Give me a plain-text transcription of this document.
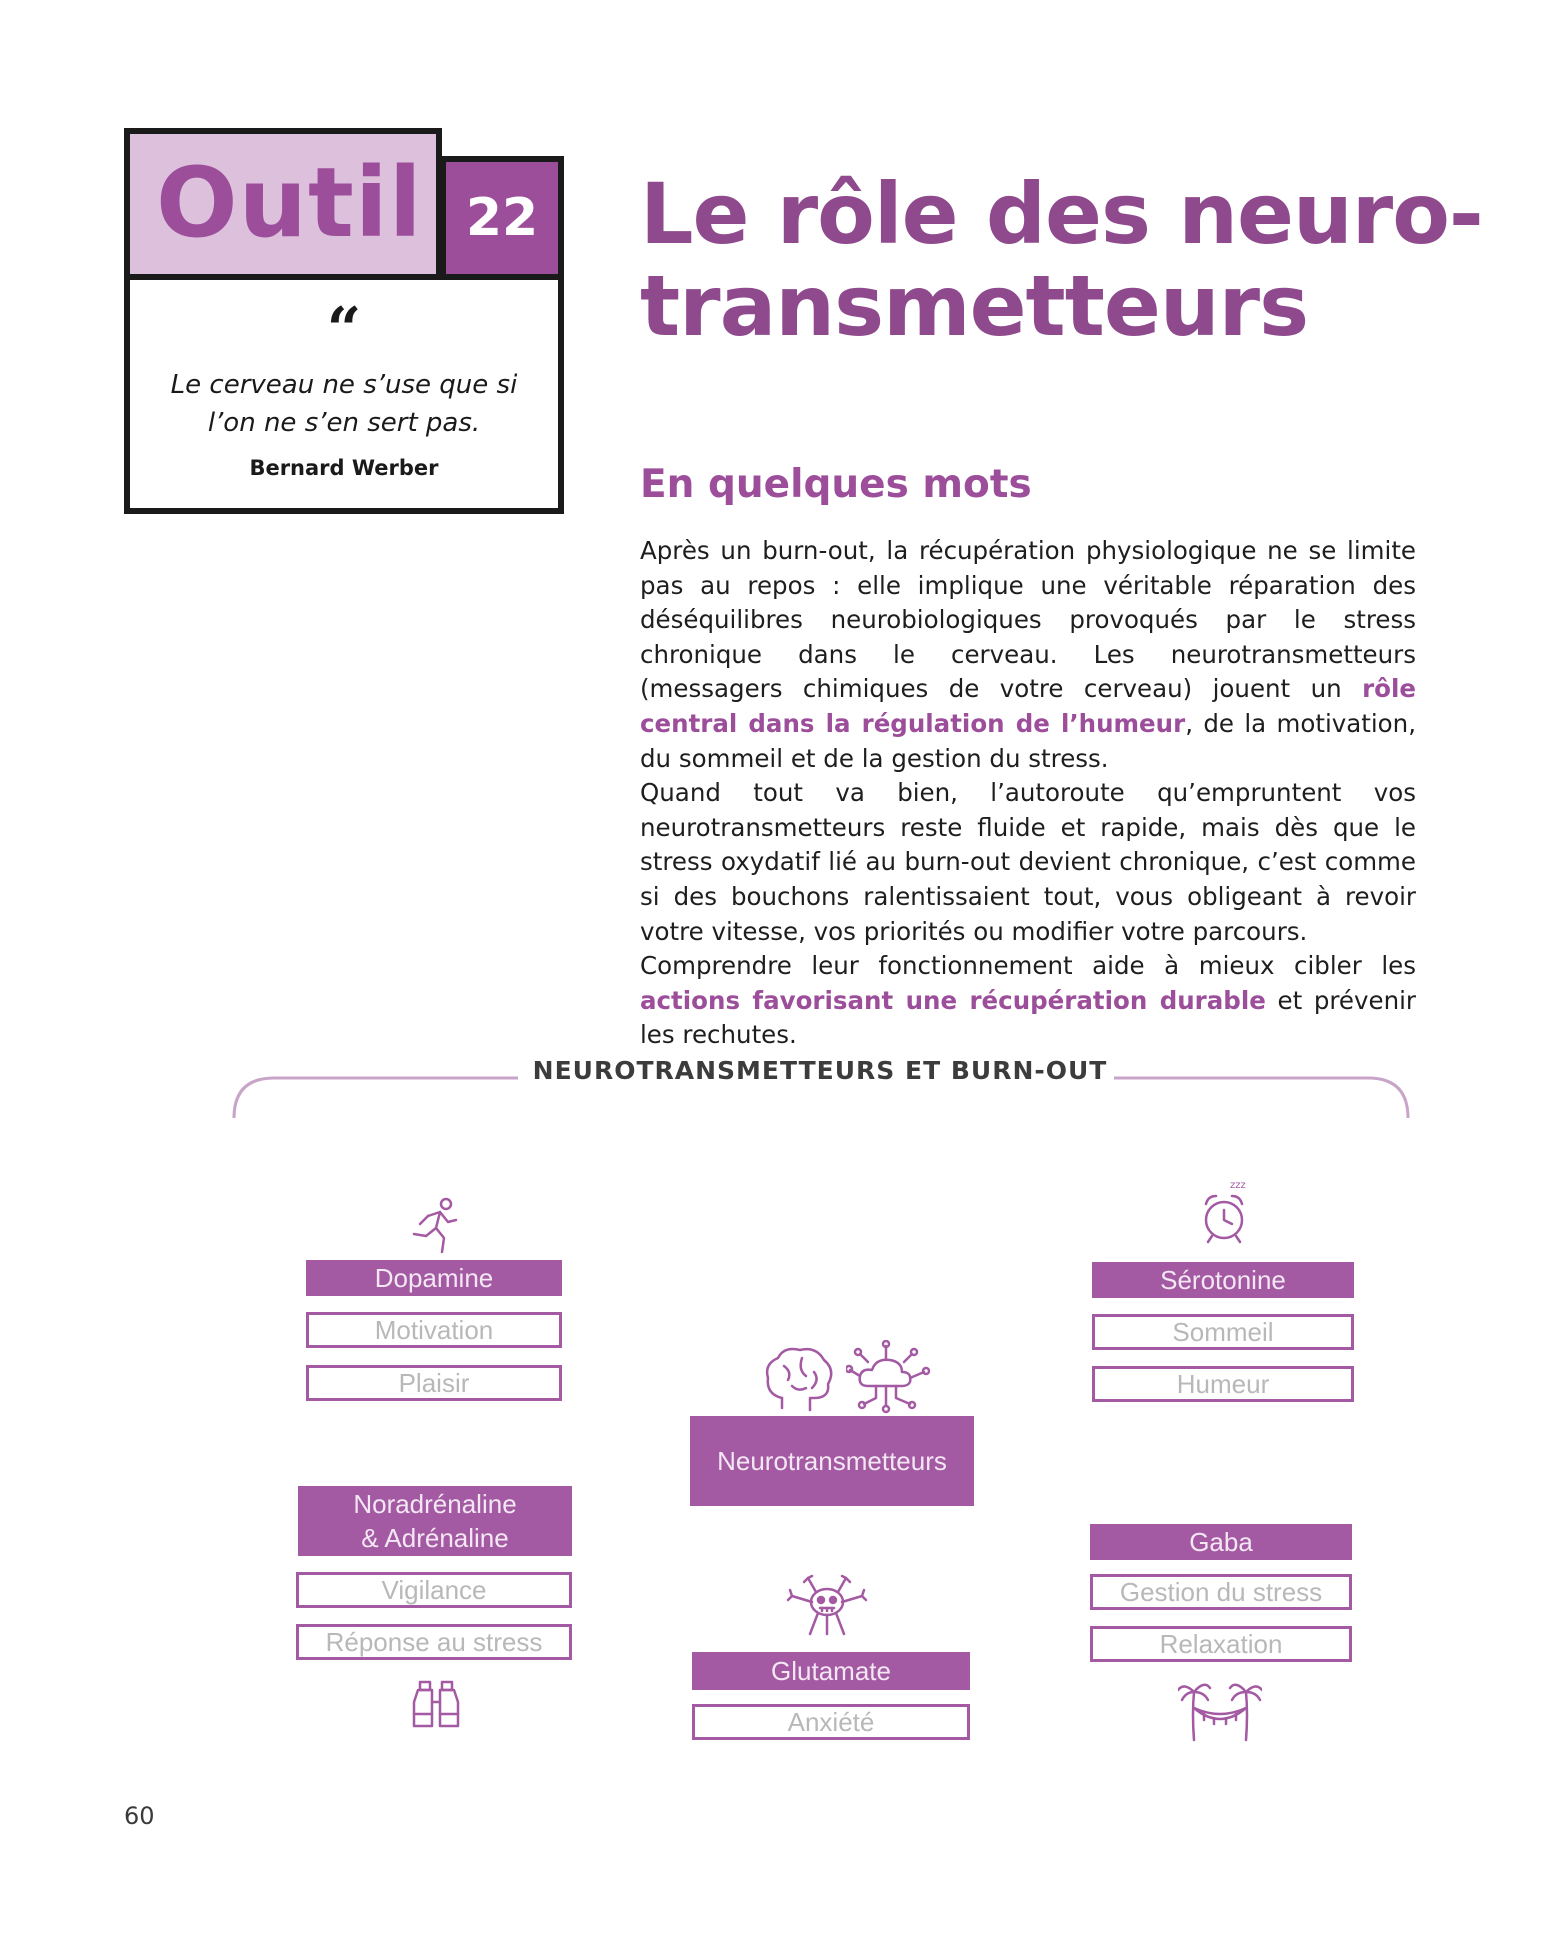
Outil 22
“
Le cerveau ne s’use que si
l’on ne s’en sert pas.
Bernard Werber
Le rôle des neuro-
transmetteurs
En quelques mots

Après un burn-out, la récupération physiologique ne se limite pas au repos : elle implique une véritable réparation des déséquilibres neurobiologiques provoqués par le stress chronique dans le cerveau. Les neurotransmetteurs (messagers chimiques de votre cerveau) jouent un rôle central dans la régulation de l’humeur, de la motivation, du sommeil et de la gestion du stress.

Quand tout va bien, l’autoroute qu’empruntent vos neurotransmetteurs reste fluide et rapide, mais dès que le stress oxydatif lié au burn-out devient chronique, c’est comme si des bouchons ralentissaient tout, vous obligeant à revoir votre vitesse, vos priorités ou modifier votre parcours.

Comprendre leur fonctionnement aide à mieux cibler les actions favorisant une récupération durable et prévenir les rechutes.

NEUROTRANSMETTEURS ET BURN-OUT
Dopamine
Motivation
Plaisir
zzz
Sérotonine
Sommeil
Humeur
Neurotransmetteurs
Noradrénaline
& Adrénaline
Vigilance
Réponse au stress
Glutamate
Anxiété
Gaba
Gestion du stress
Relaxation
60
